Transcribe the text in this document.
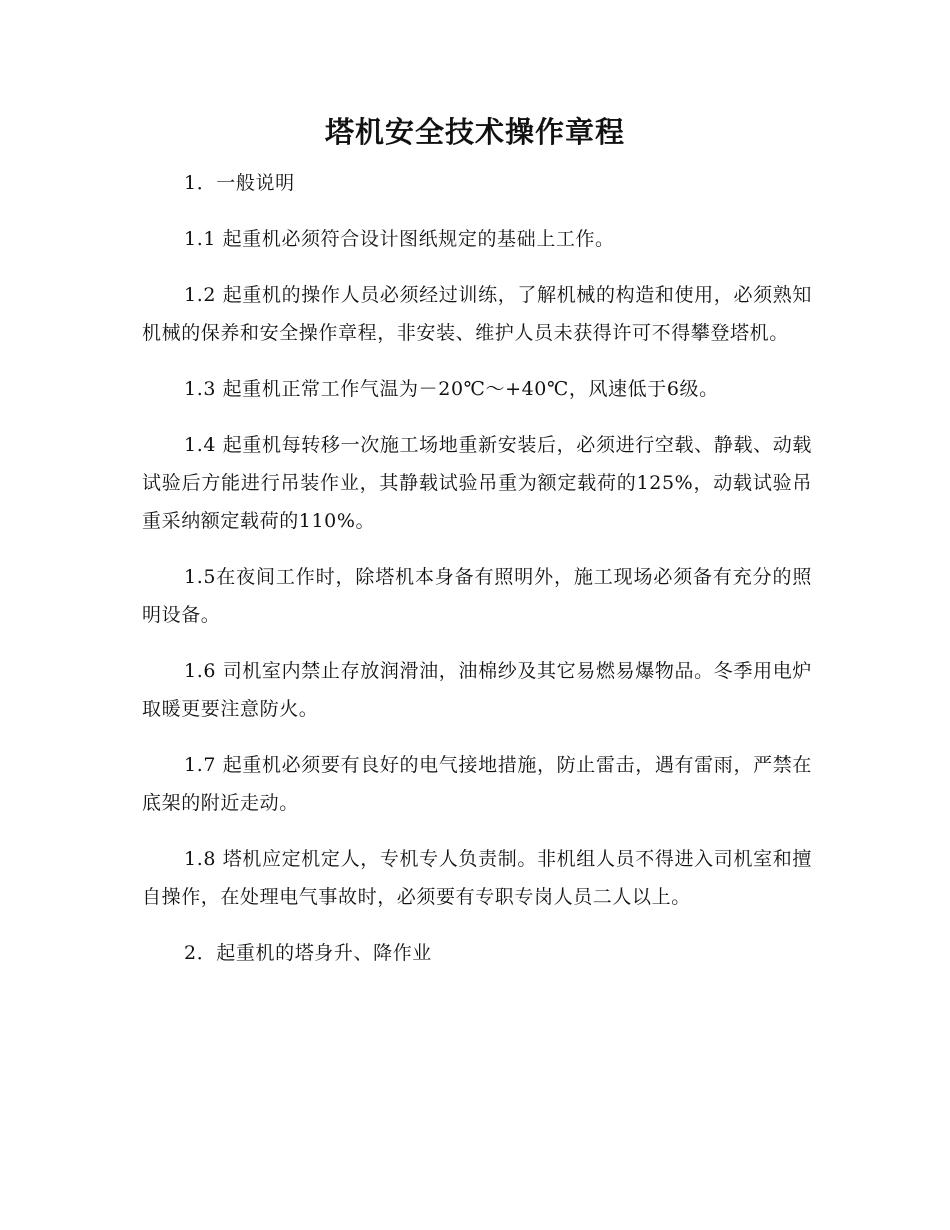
塔机安全技术操作章程

1．一般说明

1.1 起重机必须符合设计图纸规定的基础上工作。

1.2 起重机的操作人员必须经过训练，了解机械的构造和使用，必须熟知机械的保养和安全操作章程，非安装、维护人员未获得许可不得攀登塔机。

1.3 起重机正常工作气温为－20℃～+40℃，风速低于6级。

1.4 起重机每转移一次施工场地重新安装后，必须进行空载、静载、动载试验后方能进行吊装作业，其静载试验吊重为额定载荷的125%，动载试验吊重采纳额定载荷的110%。

1.5在夜间工作时，除塔机本身备有照明外，施工现场必须备有充分的照明设备。

1.6 司机室内禁止存放润滑油，油棉纱及其它易燃易爆物品。冬季用电炉取暖更要注意防火。

1.7 起重机必须要有良好的电气接地措施，防止雷击，遇有雷雨，严禁在底架的附近走动。

1.8 塔机应定机定人，专机专人负责制。非机组人员不得进入司机室和擅自操作，在处理电气事故时，必须要有专职专岗人员二人以上。

2．起重机的塔身升、降作业
